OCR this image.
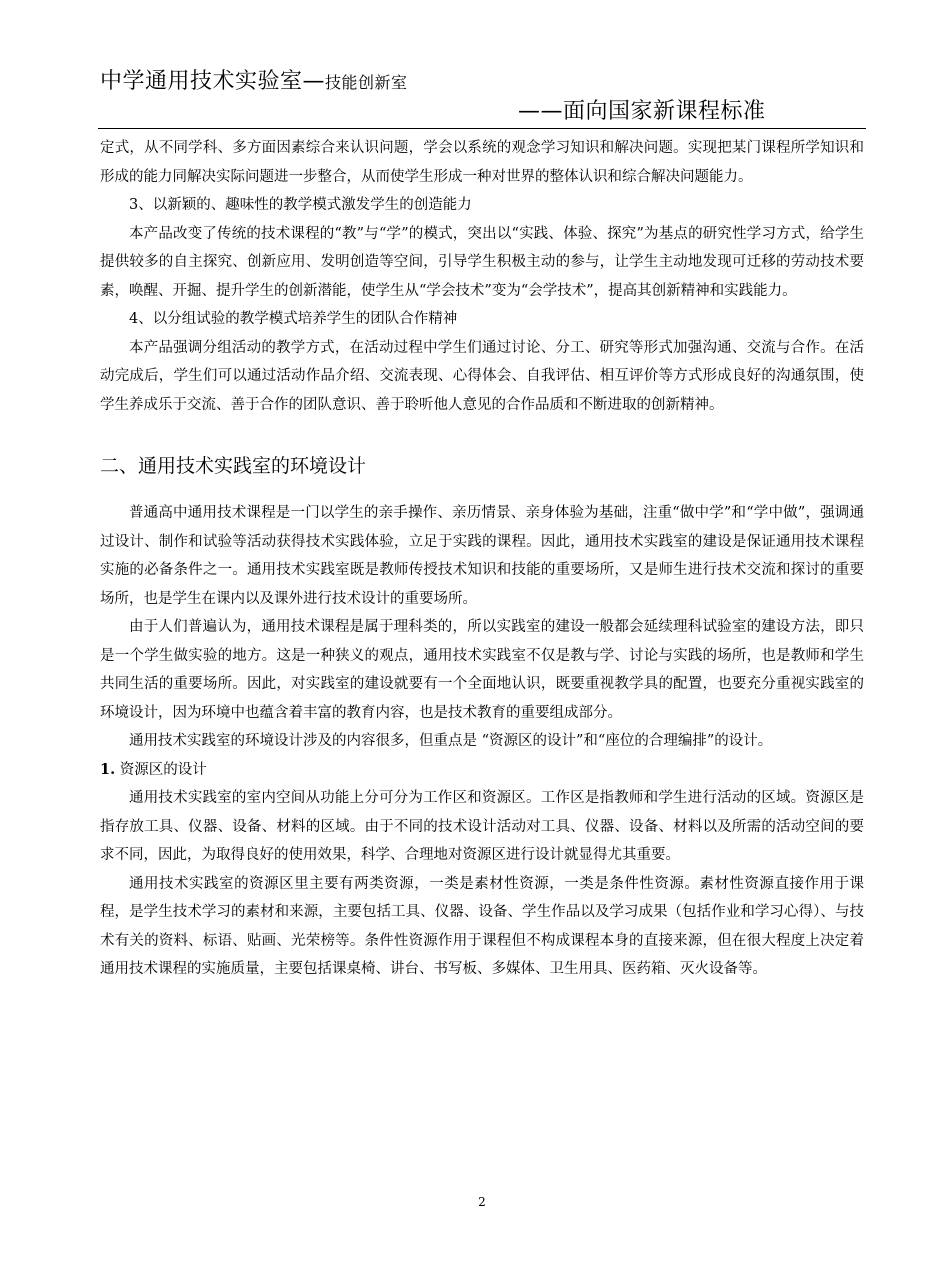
中学通用技术实验室—技能创新室
——面向国家新课程标准

定式，从不同学科、多方面因素综合来认识问题，学会以系统的观念学习知识和解决问题。实现把某门课程所学知识和形成的能力同解决实际问题进一步整合，从而使学生形成一种对世界的整体认识和综合解决问题能力。

3、以新颖的、趣味性的教学模式激发学生的创造能力

本产品改变了传统的技术课程的“教”与“学”的模式，突出以“实践、体验、探究”为基点的研究性学习方式，给学生提供较多的自主探究、创新应用、发明创造等空间，引导学生积极主动的参与，让学生主动地发现可迁移的劳动技术要素，唤醒、开掘、提升学生的创新潜能，使学生从“学会技术”变为“会学技术”，提高其创新精神和实践能力。

4、以分组试验的教学模式培养学生的团队合作精神

本产品强调分组活动的教学方式，在活动过程中学生们通过讨论、分工、研究等形式加强沟通、交流与合作。在活动完成后，学生们可以通过活动作品介绍、交流表现、心得体会、自我评估、相互评价等方式形成良好的沟通氛围，使学生养成乐于交流、善于合作的团队意识、善于聆听他人意见的合作品质和不断进取的创新精神。

二、通用技术实践室的环境设计

普通高中通用技术课程是一门以学生的亲手操作、亲历情景、亲身体验为基础，注重“做中学”和“学中做”，强调通过设计、制作和试验等活动获得技术实践体验，立足于实践的课程。因此，通用技术实践室的建设是保证通用技术课程实施的必备条件之一。通用技术实践室既是教师传授技术知识和技能的重要场所，又是师生进行技术交流和探讨的重要场所，也是学生在课内以及课外进行技术设计的重要场所。

由于人们普遍认为，通用技术课程是属于理科类的，所以实践室的建设一般都会延续理科试验室的建设方法，即只是一个学生做实验的地方。这是一种狭义的观点，通用技术实践室不仅是教与学、讨论与实践的场所，也是教师和学生共同生活的重要场所。因此，对实践室的建设就要有一个全面地认识，既要重视教学具的配置，也要充分重视实践室的环境设计，因为环境中也蕴含着丰富的教育内容，也是技术教育的重要组成部分。

通用技术实践室的环境设计涉及的内容很多，但重点是 “资源区的设计”和“座位的合理编排”的设计。

1. 资源区的设计

通用技术实践室的室内空间从功能上分可分为工作区和资源区。工作区是指教师和学生进行活动的区域。资源区是指存放工具、仪器、设备、材料的区域。由于不同的技术设计活动对工具、仪器、设备、材料以及所需的活动空间的要求不同，因此，为取得良好的使用效果，科学、合理地对资源区进行设计就显得尤其重要。

通用技术实践室的资源区里主要有两类资源，一类是素材性资源，一类是条件性资源。素材性资源直接作用于课程，是学生技术学习的素材和来源，主要包括工具、仪器、设备、学生作品以及学习成果（包括作业和学习心得）、与技术有关的资料、标语、贴画、光荣榜等。条件性资源作用于课程但不构成课程本身的直接来源，但在很大程度上决定着通用技术课程的实施质量，主要包括课桌椅、讲台、书写板、多媒体、卫生用具、医药箱、灭火设备等。

2
